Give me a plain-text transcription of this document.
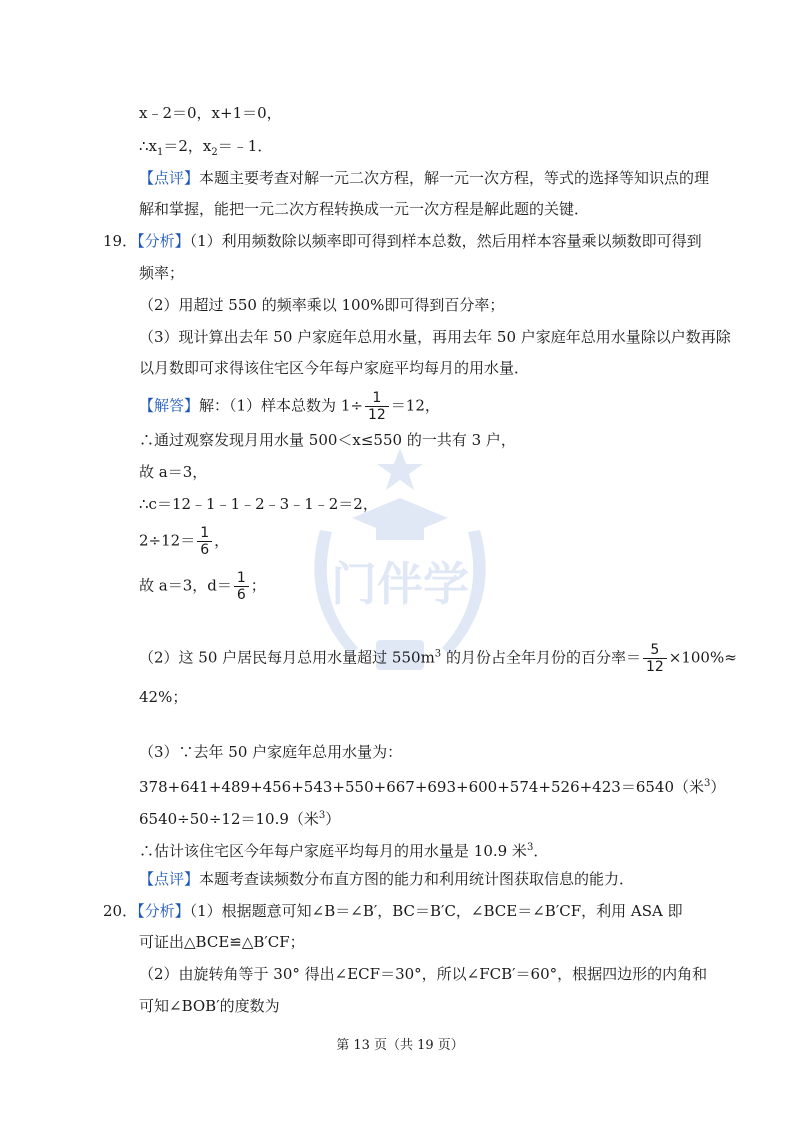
门伴学
x﹣2＝0，x+1＝0，
$\therefore x_1=2$，$x_2=﹣1$．
【点评】本题主要考查对解一元二次方程，解一元一次方程，等式的选择等知识点的理
解和掌握，能把一元二次方程转换成一元一次方程是解此题的关键．
19．【分析】（1）利用频数除以频率即可得到样本总数，然后用样本容量乘以频数即可得到
频率；
（2）用超过 550 的频率乘以 100%即可得到百分率；
（3）现计算出去年 50 户家庭年总用水量，再用去年 50 户家庭年总用水量除以户数再除
以月数即可求得该住宅区今年每户家庭平均每月的用水量．
【解答】解：（1）样本总数为 $1\div \frac{1}{12} =12$，
∴通过观察发现月用水量 500＜x≤550 的一共有 3 户，
故 a＝3，
∴c＝12﹣1﹣1﹣2﹣3﹣1﹣2＝2，
$2\div 12= \frac{1}{6}$ ，
故 a＝3，$d= \frac{1}{6}$ ；
（2）这 50 户居民每月总用水量超过 $550m^3$ 的月份占全年月份的百分率＝ $\frac{5}{12} \times 100\%\approx$
42%；
（3）∵去年 50 户家庭年总用水量为：
378+641+489+456+543+550+667+693+600+574+526+423＝6540（米$^3$）
6540÷50÷12＝10.9（米$^3$）
∴估计该住宅区今年每户家庭平均每月的用水量是 10.9 米$^3$．
【点评】本题考查读频数分布直方图的能力和利用统计图获取信息的能力．
20．【分析】（1）根据题意可知∠B＝∠B′，BC＝B′C，∠BCE＝∠B′CF，利用 ASA 即
可证出△BCE≌△B′CF；
（2）由旋转角等于 30° 得出∠ECF＝30°，所以∠FCB′＝60°，根据四边形的内角和
可知∠BOB′的度数为
第 13 页（共 19 页）
